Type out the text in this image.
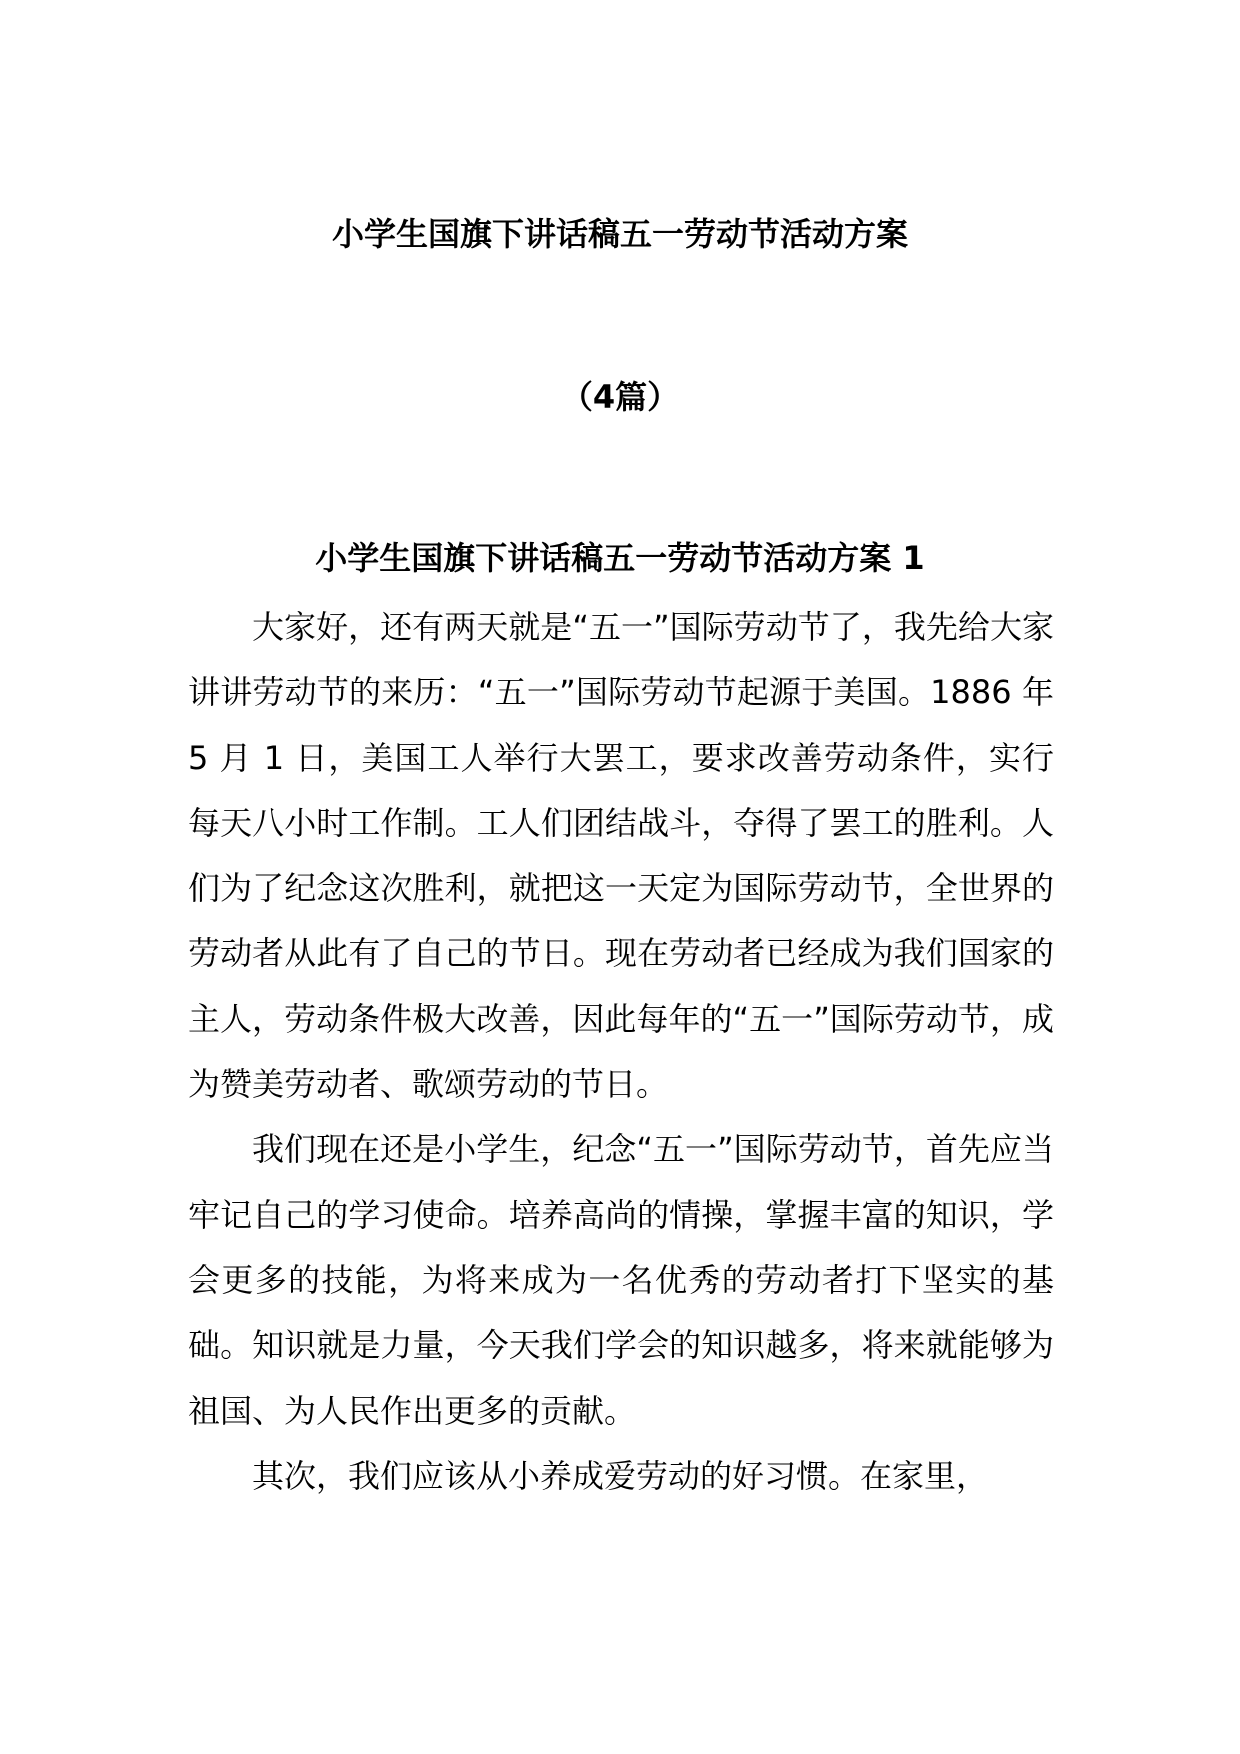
小学生国旗下讲话稿五一劳动节活动方案
（4篇）
小学生国旗下讲话稿五一劳动节活动方案 1

大家好，还有两天就是“五一”国际劳动节了，我先给大家讲讲劳动节的来历：“五一”国际劳动节起源于美国。1886 年 5 月 1 日，美国工人举行大罢工，要求改善劳动条件，实行每天八小时工作制。工人们团结战斗，夺得了罢工的胜利。人们为了纪念这次胜利，就把这一天定为国际劳动节，全世界的劳动者从此有了自己的节日。现在劳动者已经成为我们国家的主人，劳动条件极大改善，因此每年的“五一”国际劳动节，成为赞美劳动者、歌颂劳动的节日。

我们现在还是小学生，纪念“五一”国际劳动节，首先应当牢记自己的学习使命。培养高尚的情操，掌握丰富的知识，学会更多的技能，为将来成为一名优秀的劳动者打下坚实的基础。知识就是力量，今天我们学会的知识越多，将来就能够为祖国、为人民作出更多的贡献。

其次，我们应该从小养成爱劳动的好习惯。在家里，
